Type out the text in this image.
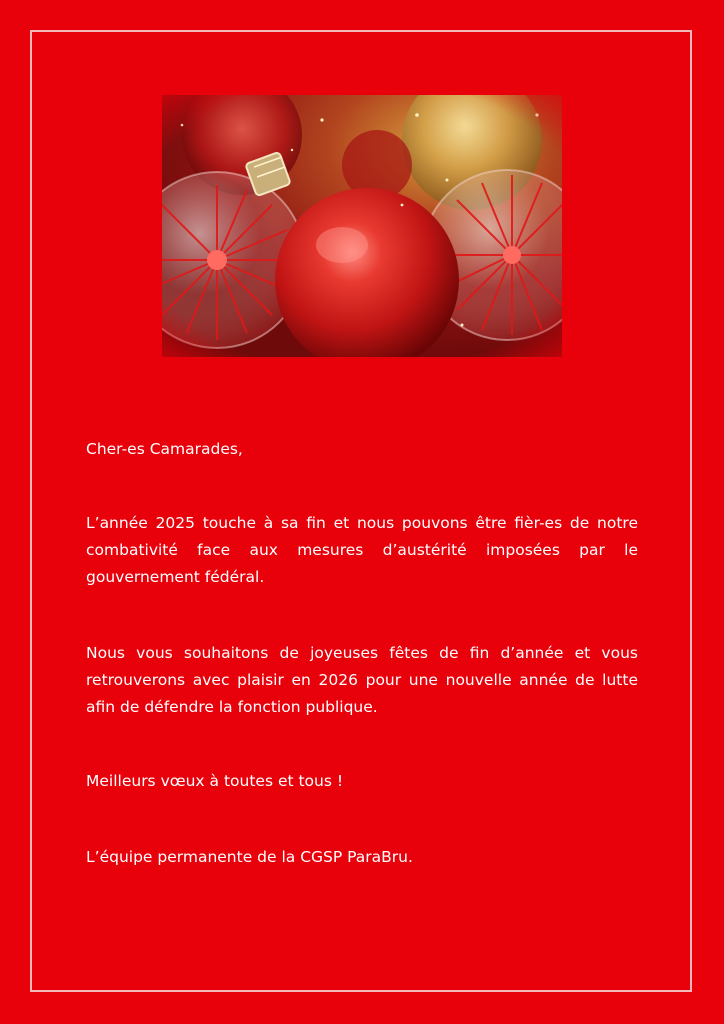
Cher-es Camarades,

L’année 2025 touche à sa fin et nous pouvons être fièr-es de notre combativité face aux mesures d’austérité imposées par le gouvernement fédéral.

Nous vous souhaitons de joyeuses fêtes de fin d’année et vous retrouverons avec plaisir en 2026 pour une nouvelle année de lutte afin de défendre la fonction publique.

Meilleurs vœux à toutes et tous !

L’équipe permanente de la CGSP ParaBru.
